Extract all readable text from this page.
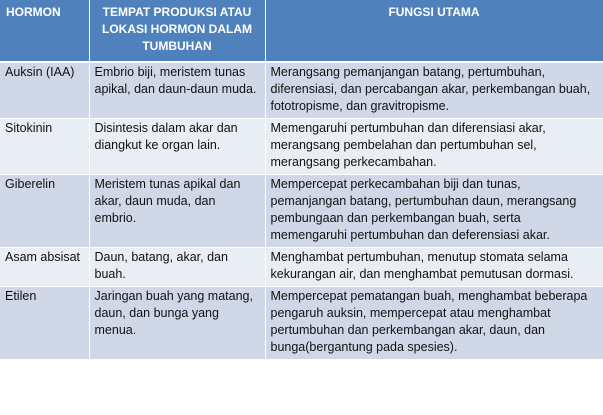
HORMON	TEMPAT PRODUKSI ATAU LOKASI HORMON DALAM TUMBUHAN	FUNGSI UTAMA
Auksin (IAA)	Embrio biji, meristem tunas apikal, dan daun-daun muda.	Merangsang pemanjangan batang, pertumbuhan, diferensiasi, dan percabangan akar, perkembangan buah, fototropisme, dan gravitropisme.
Sitokinin	Disintesis dalam akar dan diangkut ke organ lain.	Memengaruhi pertumbuhan dan diferensiasi akar, merangsang pembelahan dan pertumbuhan sel, merangsang perkecambahan.
Giberelin	Meristem tunas apikal dan akar, daun muda, dan embrio.	Mempercepat perkecambahan biji dan tunas, pemanjangan batang, pertumbuhan daun, merangsang pembungaan dan perkembangan buah, serta memengaruhi pertumbuhan dan deferensiasi akar.
Asam absisat	Daun, batang, akar, dan buah.	Menghambat pertumbuhan, menutup stomata selama kekurangan air, dan menghambat pemutusan dormasi.
Etilen	Jaringan buah yang matang, daun, dan bunga yang menua.	Mempercepat pematangan buah, menghambat beberapa pengaruh auksin, mempercepat atau menghambat pertumbuhan dan perkembangan akar, daun, dan bunga(bergantung pada spesies).
